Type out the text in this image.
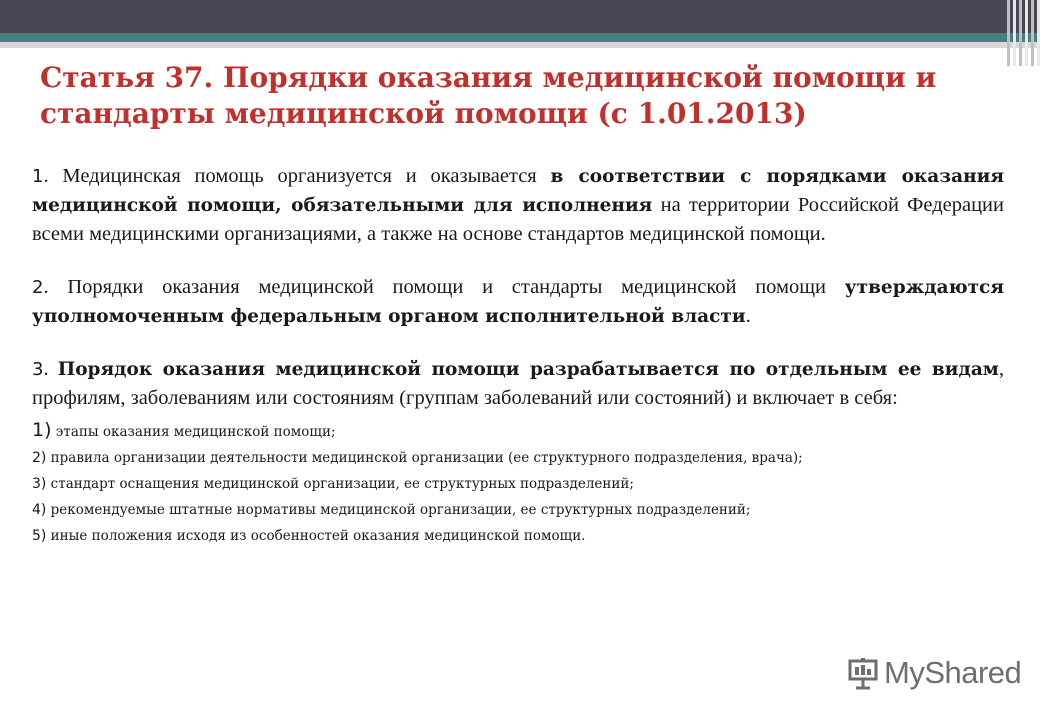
Статья 37. Порядки оказания медицинской помощи и стандарты медицинской помощи (с 1.01.2013)

1. Медицинская помощь организуется и оказывается в соответствии с порядками оказания медицинской помощи, обязательными для исполнения на территории Российской Федерации всеми медицинскими организациями, а также на основе стандартов медицинской помощи.

2. Порядки оказания медицинской помощи и стандарты медицинской помощи утверждаются уполномоченным федеральным органом исполнительной власти.

3. Порядок оказания медицинской помощи разрабатывается по отдельным ее видам, профилям, заболеваниям или состояниям (группам заболеваний или состояний) и включает в себя:

1) этапы оказания медицинской помощи;
2) правила организации деятельности медицинской организации (ее структурного подразделения, врача);
3) стандарт оснащения медицинской организации, ее структурных подразделений;
4) рекомендуемые штатные нормативы медицинской организации, ее структурных подразделений;
5) иные положения исходя из особенностей оказания медицинской помощи.
MyShared
